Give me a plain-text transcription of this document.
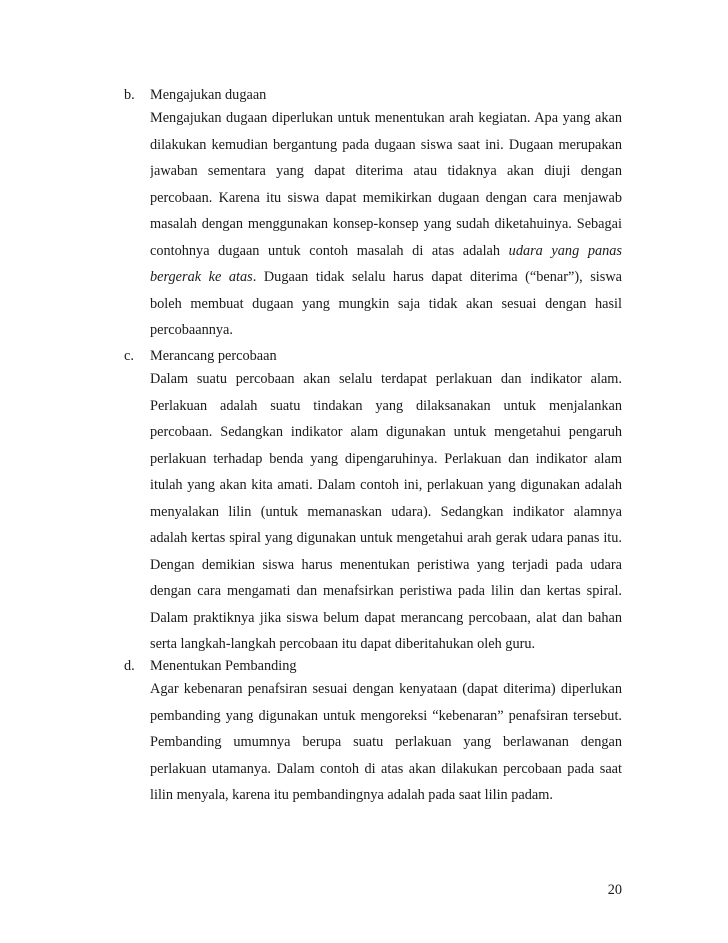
b. Mengajukan dugaan
Mengajukan dugaan diperlukan untuk menentukan arah kegiatan. Apa yang akan
dilakukan kemudian bergantung pada dugaan siswa saat ini. Dugaan merupakan
jawaban sementara yang dapat diterima atau tidaknya akan diuji dengan
percobaan. Karena itu siswa dapat memikirkan dugaan dengan cara menjawab
masalah dengan menggunakan konsep-konsep yang sudah diketahuinya. Sebagai
contohnya dugaan untuk contoh masalah di atas adalah udara yang panas
bergerak ke atas. Dugaan tidak selalu harus dapat diterima (“benar”), siswa
boleh membuat dugaan yang mungkin saja tidak akan sesuai dengan hasil
percobaannya.
c. Merancang percobaan
Dalam suatu percobaan akan selalu terdapat perlakuan dan indikator alam.
Perlakuan adalah suatu tindakan yang dilaksanakan untuk menjalankan
percobaan. Sedangkan indikator alam digunakan untuk mengetahui pengaruh
perlakuan terhadap benda yang dipengaruhinya. Perlakuan dan indikator alam
itulah yang akan kita amati. Dalam contoh ini, perlakuan yang digunakan adalah
menyalakan lilin (untuk memanaskan udara). Sedangkan indikator alamnya
adalah kertas spiral yang digunakan untuk mengetahui arah gerak udara panas itu.
Dengan demikian siswa harus menentukan peristiwa yang terjadi pada udara
dengan cara mengamati dan menafsirkan peristiwa pada lilin dan kertas spiral.
Dalam praktiknya jika siswa belum dapat merancang percobaan, alat dan bahan
serta langkah-langkah percobaan itu dapat diberitahukan oleh guru.
d. Menentukan Pembanding
Agar kebenaran penafsiran sesuai dengan kenyataan (dapat diterima) diperlukan
pembanding yang digunakan untuk mengoreksi “kebenaran” penafsiran tersebut.
Pembanding umumnya berupa suatu perlakuan yang berlawanan dengan
perlakuan utamanya. Dalam contoh di atas akan dilakukan percobaan pada saat
lilin menyala, karena itu pembandingnya adalah pada saat lilin padam.
20
